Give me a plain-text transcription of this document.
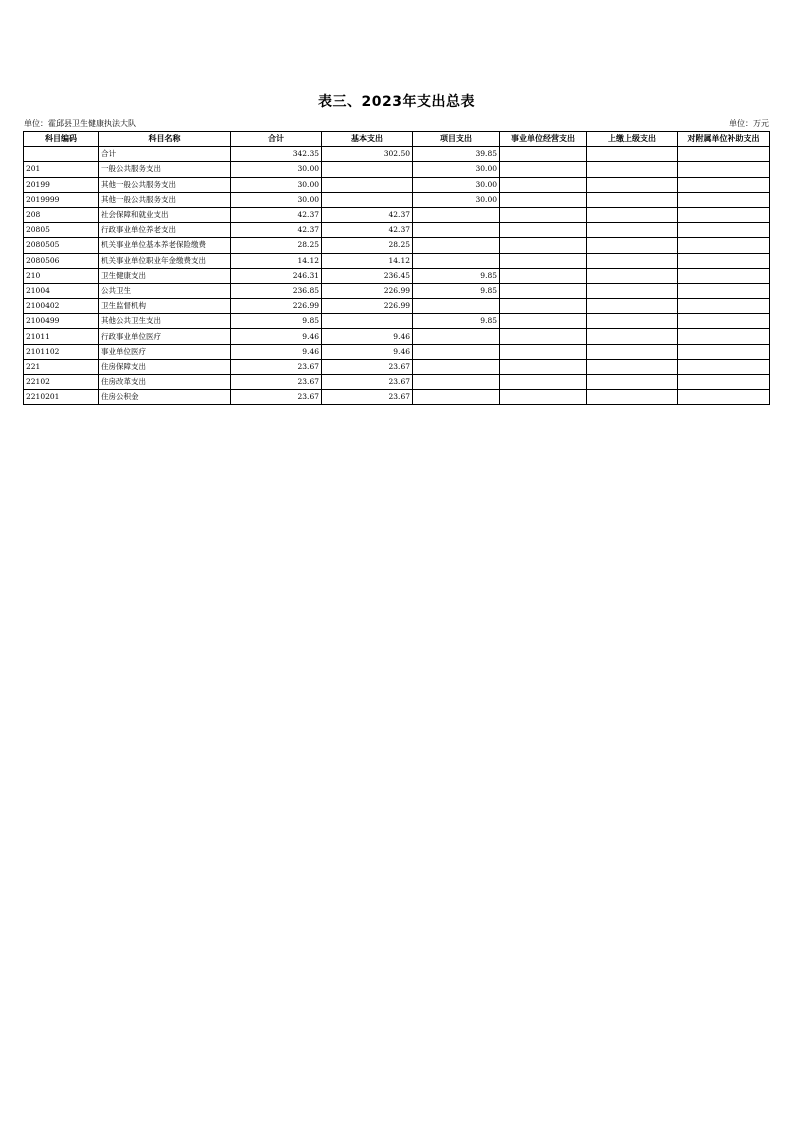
表三、2023年支出总表
单位：霍邱县卫生健康执法大队	单位：万元
科目编码	科目名称	合计	基本支出	项目支出	事业单位经营支出	上缴上级支出	对附属单位补助支出
	合计	342.35	302.50	39.85			
201	一般公共服务支出	30.00		30.00			
20199	其他一般公共服务支出	30.00		30.00			
2019999	其他一般公共服务支出	30.00		30.00			
208	社会保障和就业支出	42.37	42.37				
20805	行政事业单位养老支出	42.37	42.37				
2080505	机关事业单位基本养老保险缴费	28.25	28.25				
2080506	机关事业单位职业年金缴费支出	14.12	14.12				
210	卫生健康支出	246.31	236.45	9.85			
21004	公共卫生	236.85	226.99	9.85			
2100402	卫生监督机构	226.99	226.99				
2100499	其他公共卫生支出	9.85		9.85			
21011	行政事业单位医疗	9.46	9.46				
2101102	事业单位医疗	9.46	9.46				
221	住房保障支出	23.67	23.67				
22102	住房改革支出	23.67	23.67				
2210201	住房公积金	23.67	23.67				
